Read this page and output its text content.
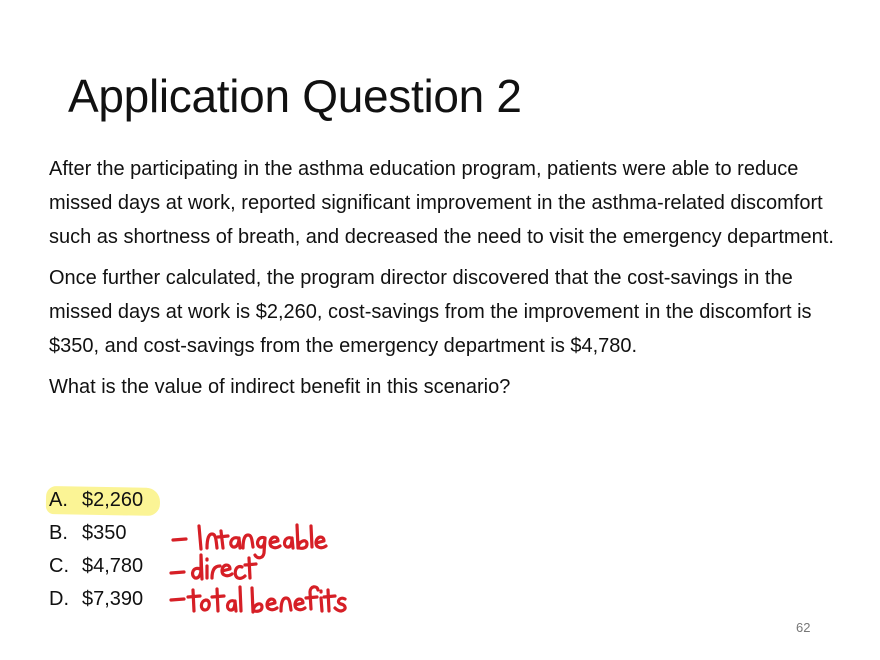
Application Question 2

After the participating in the asthma education program, patients were able to reduce missed days at work, reported significant improvement in the asthma-related discomfort such as shortness of breath, and decreased the need to visit the emergency department.

Once further calculated, the program director discovered that the cost-savings in the missed days at work is $2,260, cost-savings from the improvement in the discomfort is $350, and cost-savings from the emergency department is $4,780.

What is the value of indirect benefit in this scenario?

A. $2,260
B. $350
C. $4,780
D. $7,390
62
